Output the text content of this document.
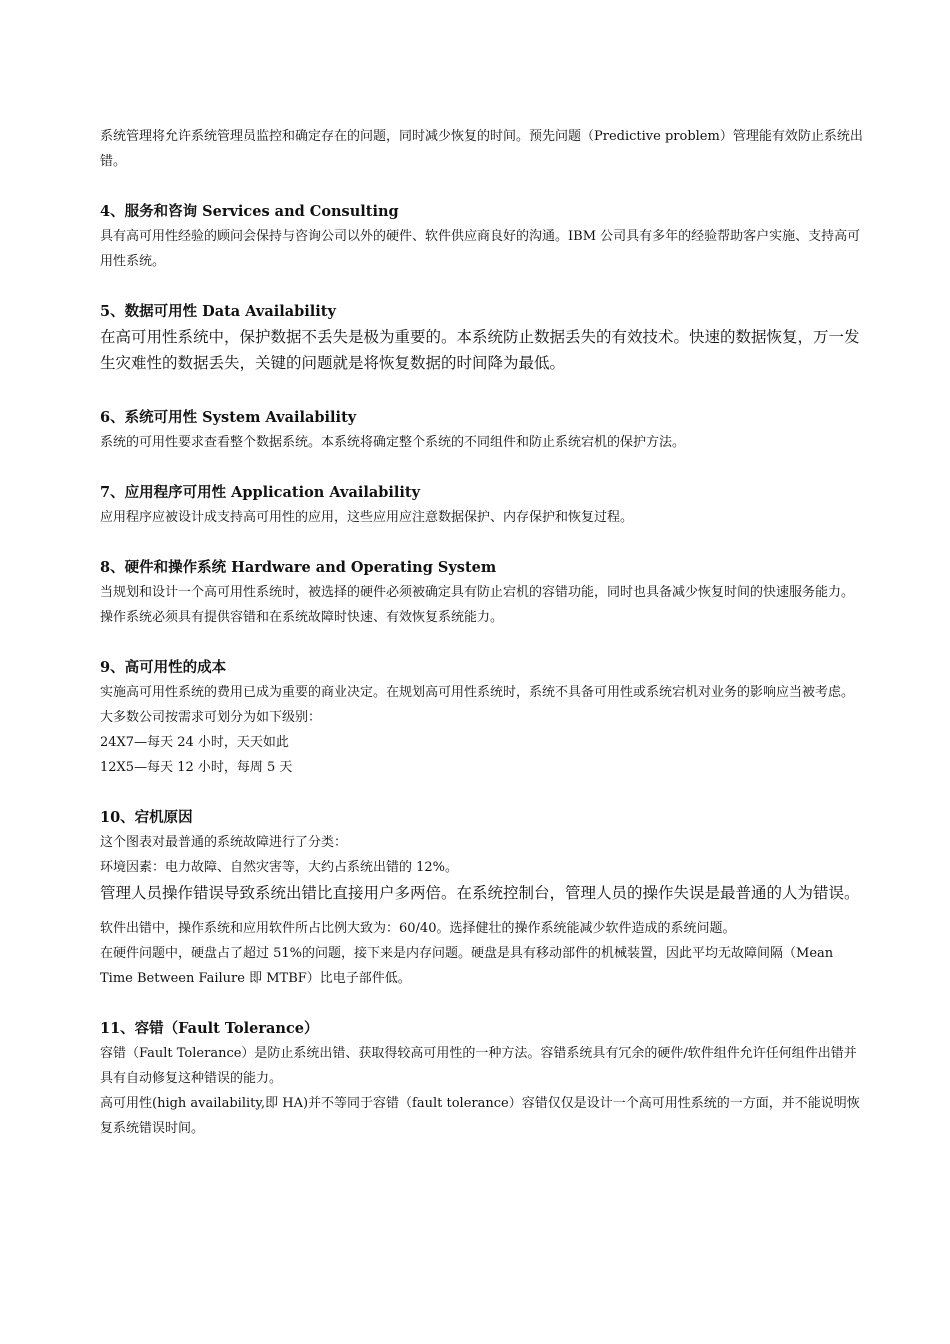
系统管理将允许系统管理员监控和确定存在的问题，同时减少恢复的时间。预先问题（Predictive problem）管理能有效防止系统出错。

4、服务和咨询 Services and Consulting

具有高可用性经验的顾问会保持与咨询公司以外的硬件、软件供应商良好的沟通。IBM 公司具有多年的经验帮助客户实施、支持高可用性系统。

5、数据可用性 Data Availability

在高可用性系统中，保护数据不丢失是极为重要的。本系统防止数据丢失的有效技术。快速的数据恢复，万一发生灾难性的数据丢失，关键的问题就是将恢复数据的时间降为最低。

6、系统可用性 System Availability

系统的可用性要求查看整个数据系统。本系统将确定整个系统的不同组件和防止系统宕机的保护方法。

7、应用程序可用性 Application Availability

应用程序应被设计成支持高可用性的应用，这些应用应注意数据保护、内存保护和恢复过程。

8、硬件和操作系统 Hardware and Operating System

当规划和设计一个高可用性系统时，被选择的硬件必须被确定具有防止宕机的容错功能，同时也具备减少恢复时间的快速服务能力。

操作系统必须具有提供容错和在系统故障时快速、有效恢复系统能力。

9、高可用性的成本

实施高可用性系统的费用已成为重要的商业决定。在规划高可用性系统时，系统不具备可用性或系统宕机对业务的影响应当被考虑。

大多数公司按需求可划分为如下级别：

24X7—每天 24 小时，天天如此

12X5—每天 12 小时，每周 5 天

10、宕机原因

这个图表对最普通的系统故障进行了分类：

环境因素：电力故障、自然灾害等，大约占系统出错的 12%。

管理人员操作错误导致系统出错比直接用户多两倍。在系统控制台，管理人员的操作失误是最普通的人为错误。

软件出错中，操作系统和应用软件所占比例大致为：60/40。选择健壮的操作系统能减少软件造成的系统问题。

在硬件问题中，硬盘占了超过 51%的问题，接下来是内存问题。硬盘是具有移动部件的机械装置，因此平均无故障间隔（Mean Time Between Failure 即 MTBF）比电子部件低。

11、容错（Fault Tolerance）

容错（Fault Tolerance）是防止系统出错、获取得较高可用性的一种方法。容错系统具有冗余的硬件/软件组件允许任何组件出错并具有自动修复这种错误的能力。

高可用性(high availability,即 HA)并不等同于容错（fault tolerance）容错仅仅是设计一个高可用性系统的一方面，并不能说明恢复系统错误时间。
